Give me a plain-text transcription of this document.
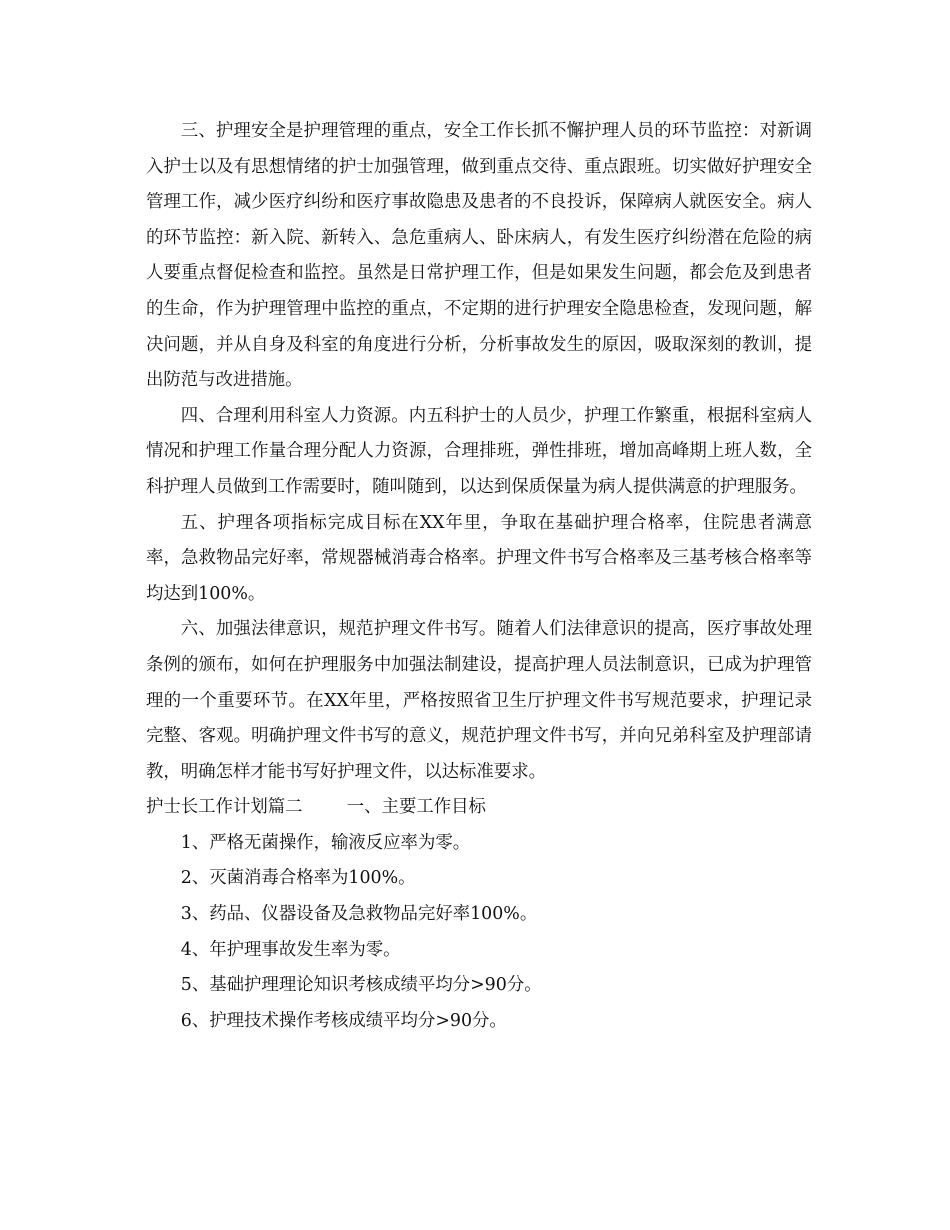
三、护理安全是护理管理的重点，安全工作长抓不懈护理人员的环节监控：对新调入护士以及有思想情绪的护士加强管理，做到重点交待、重点跟班。切实做好护理安全管理工作，减少医疗纠纷和医疗事故隐患及患者的不良投诉，保障病人就医安全。病人的环节监控：新入院、新转入、急危重病人、卧床病人，有发生医疗纠纷潜在危险的病人要重点督促检查和监控。虽然是日常护理工作，但是如果发生问题，都会危及到患者的生命，作为护理管理中监控的重点，不定期的进行护理安全隐患检查，发现问题，解决问题，并从自身及科室的角度进行分析，分析事故发生的原因，吸取深刻的教训，提出防范与改进措施。

四、合理利用科室人力资源。内五科护士的人员少，护理工作繁重，根据科室病人情况和护理工作量合理分配人力资源，合理排班，弹性排班，增加高峰期上班人数，全科护理人员做到工作需要时，随叫随到，以达到保质保量为病人提供满意的护理服务。

五、护理各项指标完成目标在XX年里，争取在基础护理合格率，住院患者满意率，急救物品完好率，常规器械消毒合格率。护理文件书写合格率及三基考核合格率等均达到100%。

六、加强法律意识，规范护理文件书写。随着人们法律意识的提高，医疗事故处理条例的颁布，如何在护理服务中加强法制建设，提高护理人员法制意识，已成为护理管理的一个重要环节。在XX年里，严格按照省卫生厅护理文件书写规范要求，护理记录完整、客观。明确护理文件书写的意义，规范护理文件书写，并向兄弟科室及护理部请教，明确怎样才能书写好护理文件，以达标准要求。

护士长工作计划篇二	一、主要工作目标

1、严格无菌操作，输液反应率为零。

2、灭菌消毒合格率为100%。

3、药品、仪器设备及急救物品完好率100%。

4、年护理事故发生率为零。

5、基础护理理论知识考核成绩平均分>90分。

6、护理技术操作考核成绩平均分>90分。
